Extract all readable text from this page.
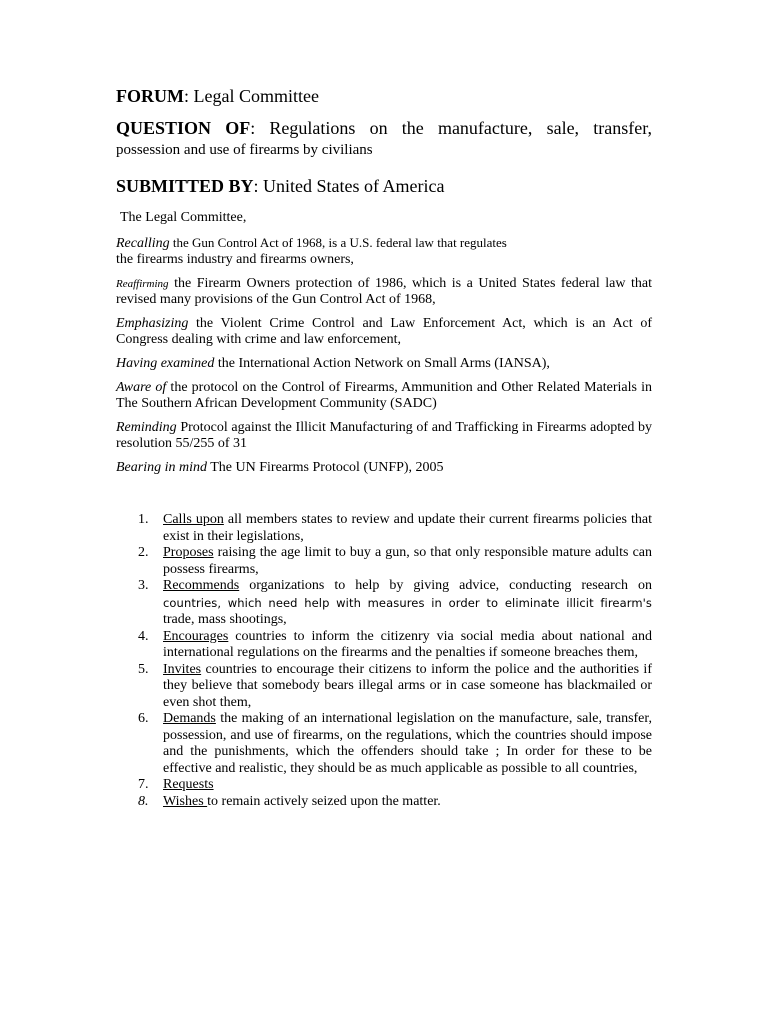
FORUM: Legal Committee

QUESTION OF: Regulations on the manufacture, sale, transfer, possession and use of firearms by civilians

SUBMITTED BY: United States of America

The Legal Committee,

Recalling the Gun Control Act of 1968, is a U.S. federal law that regulates
the firearms industry and firearms owners,

Reaffirming the Firearm Owners protection of 1986, which is a United States federal law that revised many provisions of the Gun Control Act of 1968,

Emphasizing the Violent Crime Control and Law Enforcement Act, which is an Act of Congress dealing with crime and law enforcement,

Having examined the International Action Network on Small Arms (IANSA),

Aware of the protocol on the Control of Firearms, Ammunition and Other Related Materials in The Southern African Development Community (SADC)

Reminding Protocol against the Illicit Manufacturing of and Trafficking in Firearms adopted by resolution 55/255 of 31

Bearing in mind The UN Firearms Protocol (UNFP), 2005

1.	Calls upon all members states to review and update their current firearms policies that exist in their legislations,
2.	Proposes raising the age limit to buy a gun, so that only responsible mature adults can possess firearms,
3.	Recommends organizations to help by giving advice, conducting research on countries, which need help with measures in order to eliminate illicit firearm's trade, mass shootings,
4.	Encourages countries to inform the citizenry via social media about national and international regulations on the firearms and the penalties if someone breaches them,
5.	Invites countries to encourage their citizens to inform the police and the authorities if they believe that somebody bears illegal arms or in case someone has blackmailed or even shot them,
6.	Demands the making of an international legislation on the manufacture, sale, transfer, possession, and use of firearms, on the regulations, which the countries should impose and the punishments, which the offenders should take ; In order for these to be effective and realistic, they should be as much applicable as possible to all countries,
7.	Requests
8.	Wishes to remain actively seized upon the matter.
